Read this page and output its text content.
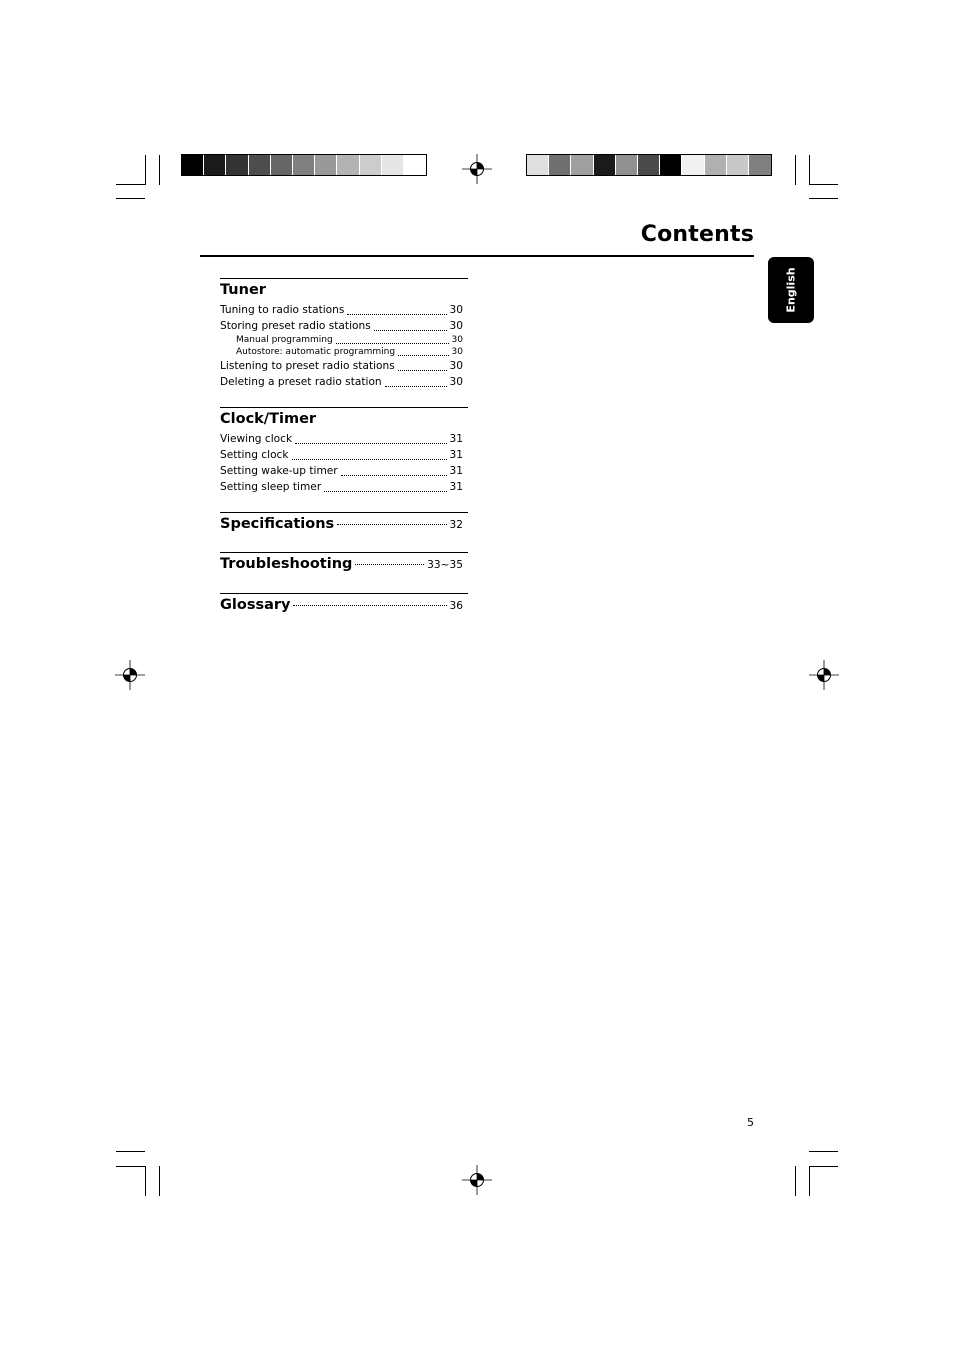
Contents
English
Tuner
Tuning to radio stations	30
Storing preset radio stations	30
Manual programming	30
Autostore: automatic programming	30
Listening to preset radio stations	30
Deleting a preset radio station	30
Clock/Timer
Viewing clock	31
Setting clock	31
Setting wake-up timer	31
Setting sleep timer	31
Specifications	32
Troubleshooting	33~35
Glossary	36
5
